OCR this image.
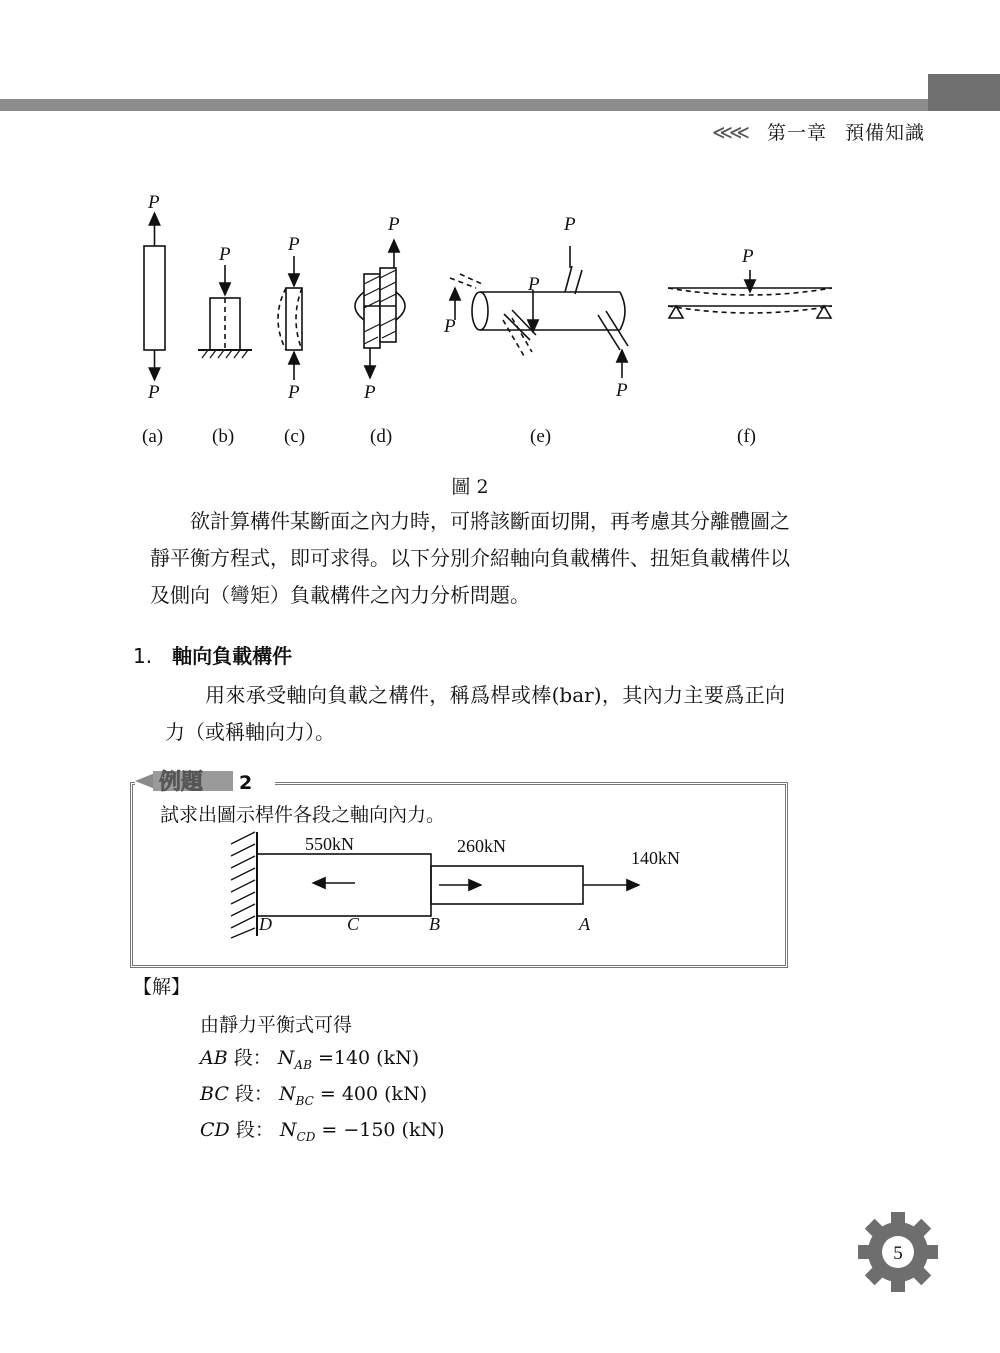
≪≪ 第一章 預備知識
P
P
P	P
P
P
P
P
P
P
P
P
(a)	(b)	(c)	(d)	(e)	(f)
圖 2
欲計算構件某斷面之內力時，可將該斷面切開，再考慮其分離體圖之靜平衡方程式，即可求得。以下分別介紹軸向負載構件、扭矩負載構件以及側向（彎矩）負載構件之內力分析問題。
1. 軸向負載構件
用來承受軸向負載之構件，稱爲桿或棒(bar)，其內力主要爲正向力（或稱軸向力）。
例題 2
試求出圖示桿件各段之軸向內力。
550kN	260kN
140kN
D	C	B	A
【解】
由靜力平衡式可得
AB 段： $N_{AB} =140$ (kN)
BC 段： $N_{BC} = 400$ (kN)
CD 段： $N_{CD} = -150$ (kN)
5
